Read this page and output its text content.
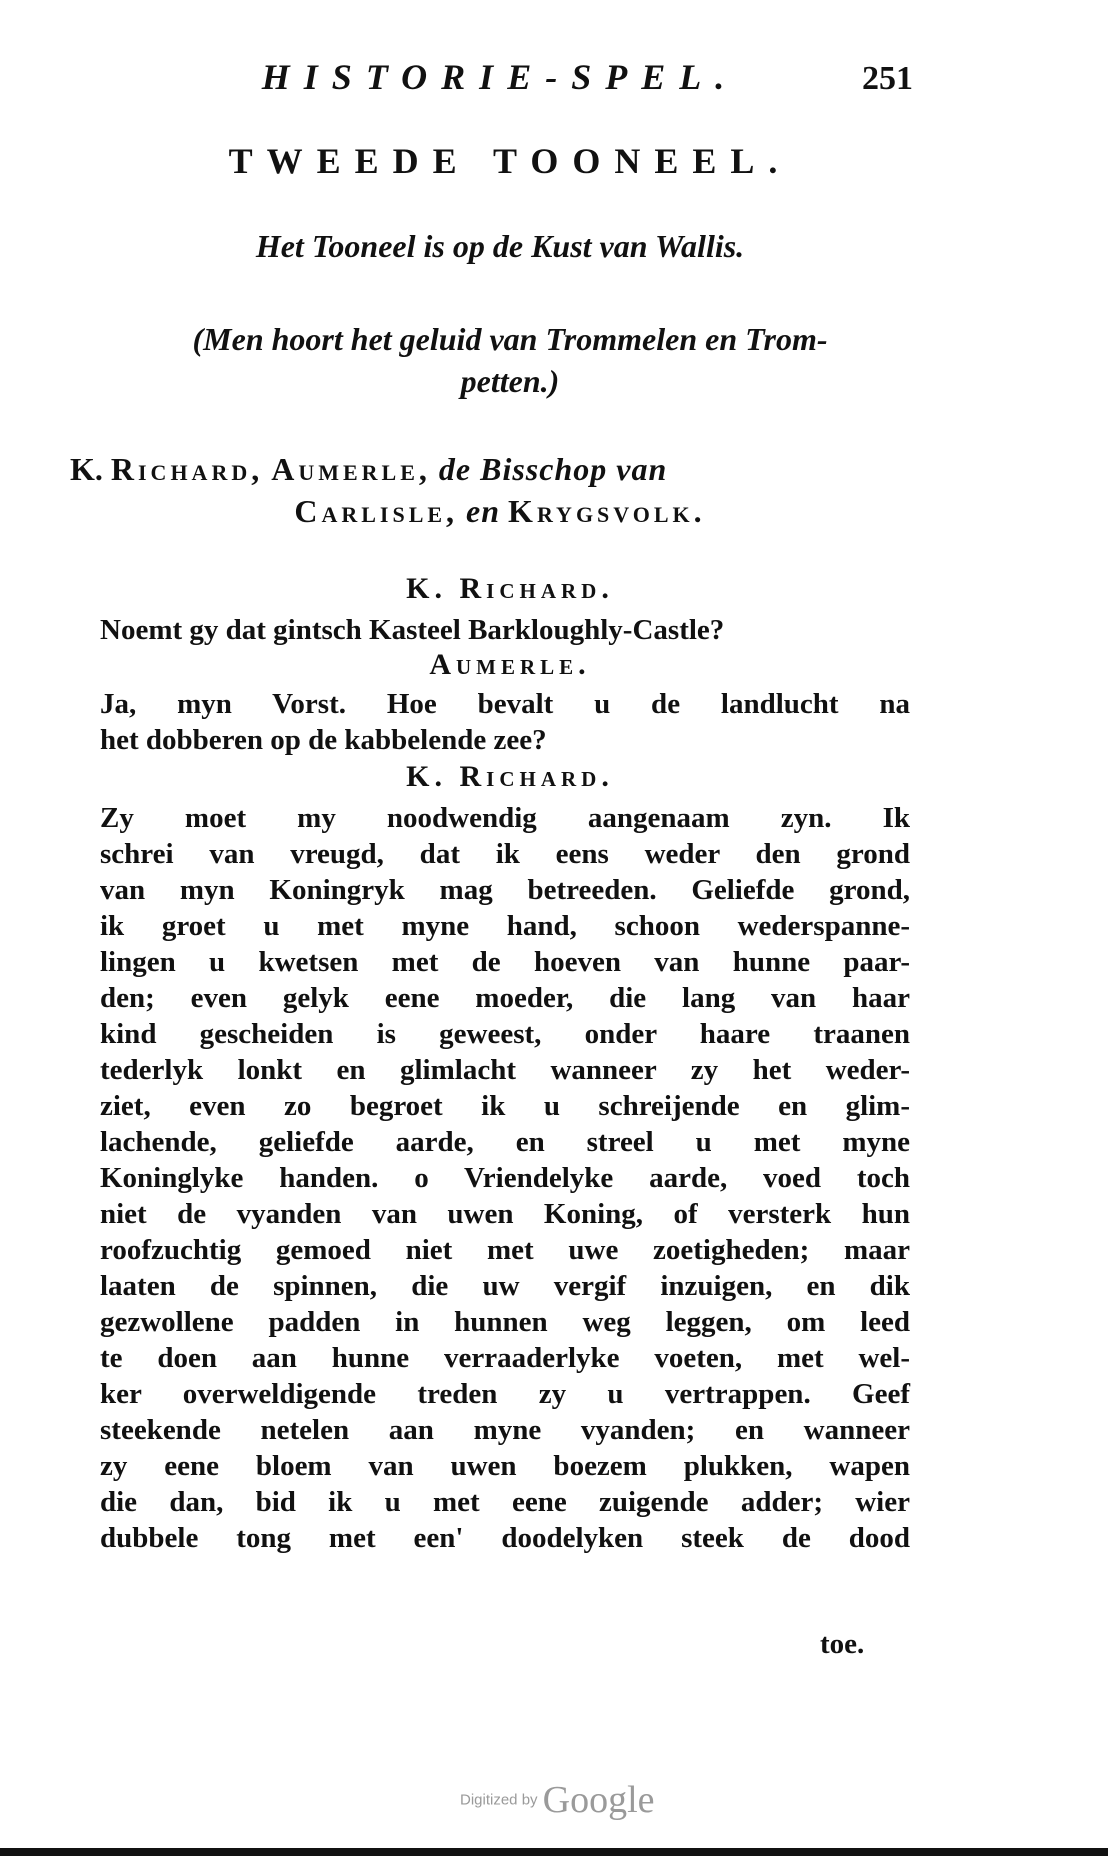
HISTORIE-SPEL.	251
TWEEDE TOONEEL.
Het Tooneel is op de Kust van Wallis.
(Men hoort het geluid van Trommelen en Trom-
petten.)
K. Richard, Aumerle, de Bisschop van
Carlisle, en Krygsvolk.
K. Richard.
Noemt gy dat gintsch Kasteel Barkloughly-Castle?
Aumerle.
Ja, myn Vorst. Hoe bevalt u de landlucht na
het dobberen op de kabbelende zee?
K. Richard.
Zy moet my noodwendig aangenaam zyn. Ik
schrei van vreugd, dat ik eens weder den grond
van myn Koningryk mag betreeden. Geliefde grond,
ik groet u met myne hand, schoon wederspanne-
lingen u kwetsen met de hoeven van hunne paar-
den; even gelyk eene moeder, die lang van haar
kind gescheiden is geweest, onder haare traanen
tederlyk lonkt en glimlacht wanneer zy het weder-
ziet, even zo begroet ik u schreijende en glim-
lachende, geliefde aarde, en streel u met myne
Koninglyke handen. o Vriendelyke aarde, voed toch
niet de vyanden van uwen Koning, of versterk hun
roofzuchtig gemoed niet met uwe zoetigheden; maar
laaten de spinnen, die uw vergif inzuigen, en dik
gezwollene padden in hunnen weg leggen, om leed
te doen aan hunne verraaderlyke voeten, met wel-
ker overweldigende treden zy u vertrappen. Geef
steekende netelen aan myne vyanden; en wanneer
zy eene bloem van uwen boezem plukken, wapen
die dan, bid ik u met eene zuigende adder; wier
dubbele tong met een' doodelyken steek de dood
toe.
Digitized by Google
